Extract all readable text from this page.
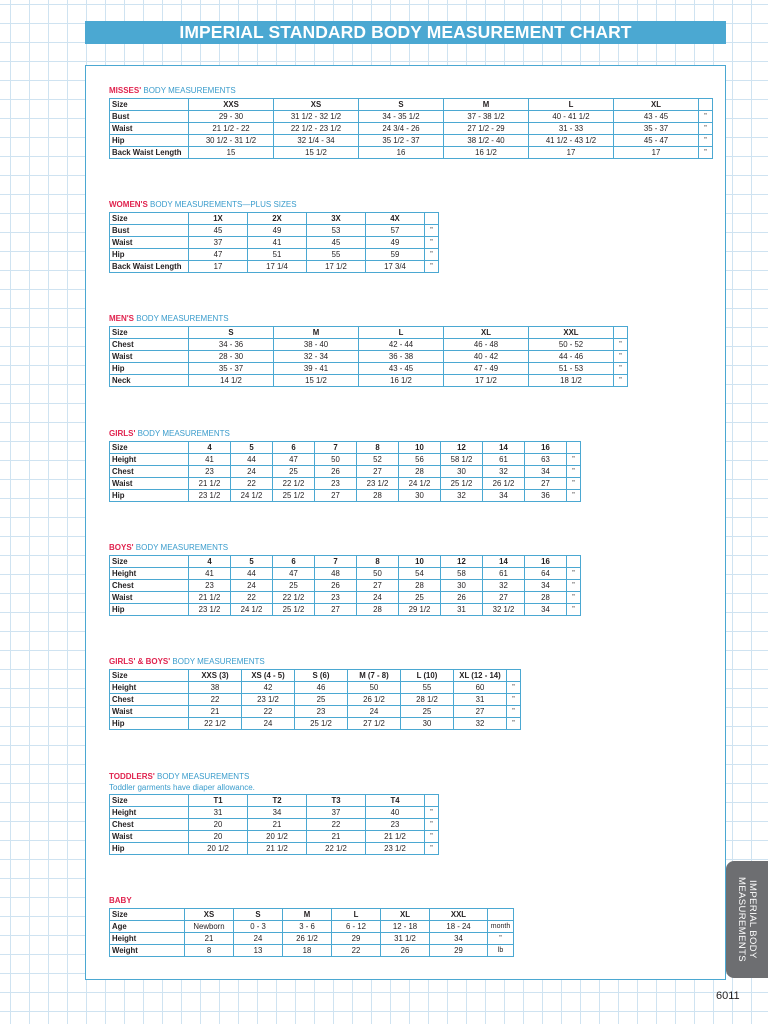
IMPERIAL STANDARD BODY MEASUREMENT CHART
MISSES' BODY MEASUREMENTS
Size	XXS	XS	S	M	L	XL	
Bust	29 - 30	31 1/2 - 32 1/2	34 - 35 1/2	37 - 38 1/2	40 - 41 1/2	43 - 45	"
Waist	21 1/2 - 22	22 1/2 - 23 1/2	24 3/4 - 26	27 1/2 - 29	31 - 33	35 - 37	"
Hip	30 1/2 - 31 1/2	32 1/4 - 34	35 1/2 - 37	38 1/2 - 40	41 1/2 - 43 1/2	45 - 47	"
Back Waist Length	15	15 1/2	16	16 1/2	17	17	"
WOMEN'S BODY MEASUREMENTS—PLUS SIZES
Size	1X	2X	3X	4X	
Bust	45	49	53	57	"
Waist	37	41	45	49	"
Hip	47	51	55	59	"
Back Waist Length	17	17 1/4	17 1/2	17 3/4	"
MEN'S BODY MEASUREMENTS
Size	S	M	L	XL	XXL	
Chest	34 - 36	38 - 40	42 - 44	46 - 48	50 - 52	"
Waist	28 - 30	32 - 34	36 - 38	40 - 42	44 - 46	"
Hip	35 - 37	39 - 41	43 - 45	47 - 49	51 - 53	"
Neck	14 1/2	15 1/2	16 1/2	17 1/2	18 1/2	"
GIRLS' BODY MEASUREMENTS
Size	4	5	6	7	8	10	12	14	16	
Height	41	44	47	50	52	56	58 1/2	61	63	"
Chest	23	24	25	26	27	28	30	32	34	"
Waist	21 1/2	22	22 1/2	23	23 1/2	24 1/2	25 1/2	26 1/2	27	"
Hip	23 1/2	24 1/2	25 1/2	27	28	30	32	34	36	"
BOYS' BODY MEASUREMENTS
Size	4	5	6	7	8	10	12	14	16	
Height	41	44	47	48	50	54	58	61	64	"
Chest	23	24	25	26	27	28	30	32	34	"
Waist	21 1/2	22	22 1/2	23	24	25	26	27	28	"
Hip	23 1/2	24 1/2	25 1/2	27	28	29 1/2	31	32 1/2	34	"
GIRLS' & BOYS' BODY MEASUREMENTS
Size	XXS (3)	XS (4 - 5)	S (6)	M (7 - 8)	L (10)	XL (12 - 14)	
Height	38	42	46	50	55	60	"
Chest	22	23 1/2	25	26 1/2	28 1/2	31	"
Waist	21	22	23	24	25	27	"
Hip	22 1/2	24	25 1/2	27 1/2	30	32	"
TODDLERS' BODY MEASUREMENTS
Toddler garments have diaper allowance.
Size	T1	T2	T3	T4	
Height	31	34	37	40	"
Chest	20	21	22	23	"
Waist	20	20 1/2	21	21 1/2	"
Hip	20 1/2	21 1/2	22 1/2	23 1/2	"
BABY
Size	XS	S	M	L	XL	XXL	
Age	Newborn	0 - 3	3 - 6	6 - 12	12 - 18	18 - 24	month
Height	21	24	26 1/2	29	31 1/2	34	"
Weight	8	13	18	22	26	29	lb	IMPERIAL BODY MEASUREMENTS
6011
